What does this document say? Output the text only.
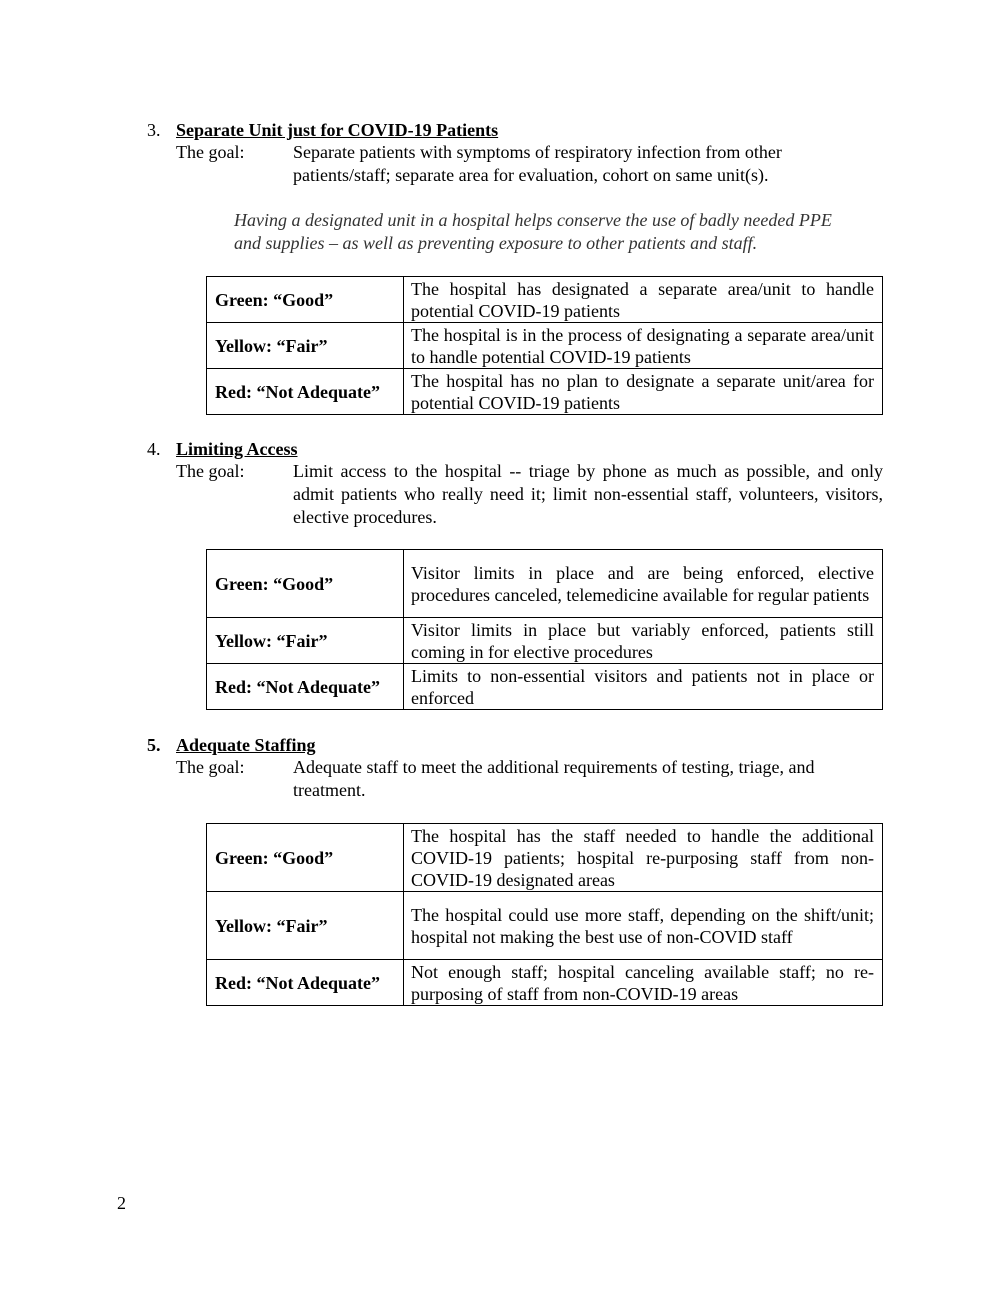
3. Separate Unit just for COVID-19 Patients
The goal:	Separate patients with symptoms of respiratory infection from other patients/staff; separate area for evaluation, cohort on same unit(s).
Having a designated unit in a hospital helps conserve the use of badly needed PPE and supplies – as well as preventing exposure to other patients and staff.
Green: “Good”	The hospital has designated a separate area/unit to handle potential COVID-19 patients
Yellow: “Fair”	The hospital is in the process of designating a separate area/unit to handle potential COVID-19 patients
Red: “Not Adequate”	The hospital has no plan to designate a separate unit/area for potential COVID-19 patients
4. Limiting Access
The goal:	Limit access to the hospital -- triage by phone as much as possible, and only admit patients who really need it; limit non-essential staff, volunteers, visitors, elective procedures.
Green: “Good”	Visitor limits in place and are being enforced, elective procedures canceled, telemedicine available for regular patients
Yellow: “Fair”	Visitor limits in place but variably enforced, patients still coming in for elective procedures
Red: “Not Adequate”	Limits to non-essential visitors and patients not in place or enforced
5. Adequate Staffing
The goal:	Adequate staff to meet the additional requirements of testing, triage, and treatment.
Green: “Good”	The hospital has the staff needed to handle the additional COVID-19 patients; hospital re-purposing staff from non-COVID-19 designated areas
Yellow: “Fair”	The hospital could use more staff, depending on the shift/unit; hospital not making the best use of non-COVID staff
Red: “Not Adequate”	Not enough staff; hospital canceling available staff; no re-purposing of staff from non-COVID-19 areas
2
